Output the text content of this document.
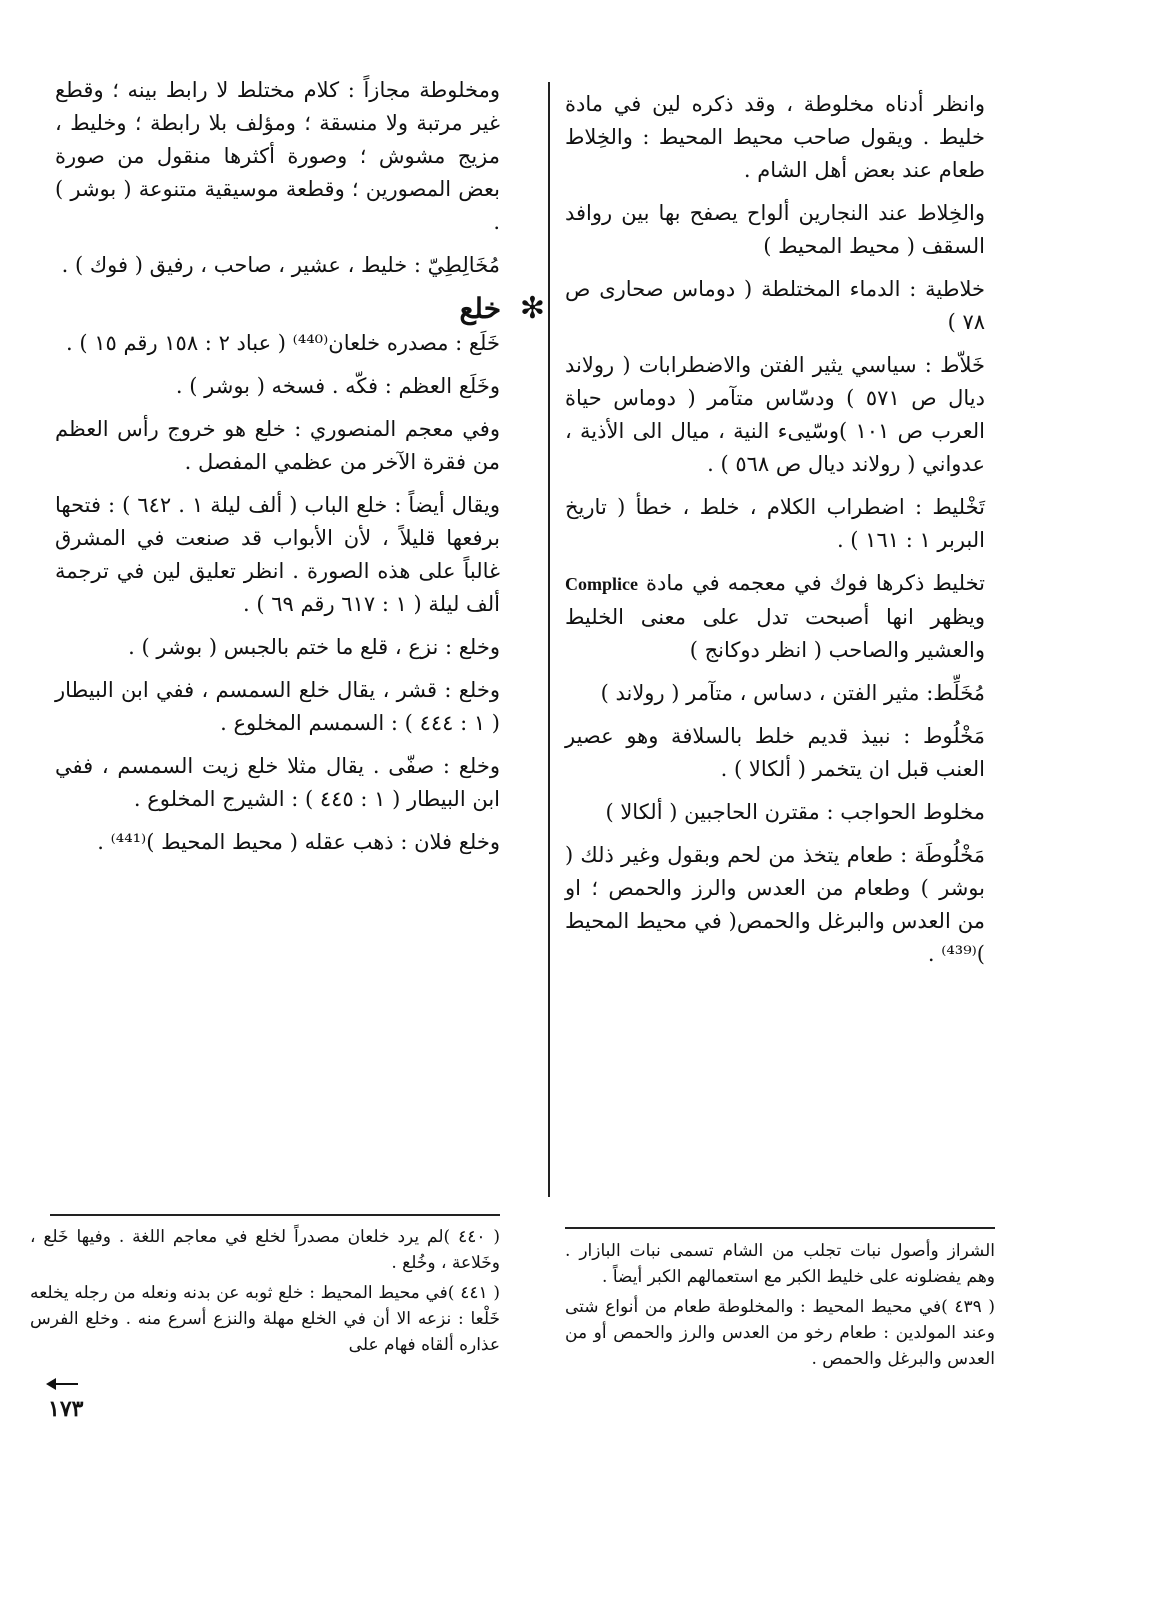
وانظر أدناه مخلوطة ، وقد ذكره لين في مادة خليط . ويقول صاحب محيط المحيط : والخِلاط طعام عند بعض أهل الشام .

والخِلاط عند النجارين ألواح يصفح بها بين روافد السقف ( محيط المحيط )

خلاطية : الدماء المختلطة ( دوماس صحارى ص ٧٨ )

خَلاّط : سياسي يثير الفتن والاضطرابات ( رولاند ديال ص ٥٧١ ) ودسّاس متآمر ( دوماس حياة العرب ص ١٠١ )وسّيىء النية ، ميال الى الأذية ، عدواني ( رولاند ديال ص ٥٦٨ ) .

تَخْليط : اضطراب الكلام ، خلط ، خطأ ( تاريخ البربر ١ : ١٦١ ) .

تخليط ذكرها فوك في معجمه في مادة Complice ويظهر انها أصبحت تدل على معنى الخليط والعشير والصاحب ( انظر دوكانج )

مُخَلِّط: مثير الفتن ، دساس ، متآمر ( رولاند )

مَخْلُوط : نبيذ قديم خلط بالسلافة وهو عصير العنب قبل ان يتخمر ( ألكالا ) .

مخلوط الحواجب : مقترن الحاجبين ( ألكالا )

مَخْلُوطَة : طعام يتخذ من لحم وبقول وغير ذلك ( بوشر ) وطعام من العدس والرز والحمص ؛ او من العدس والبرغل والحمص( في محيط المحيط )⁽⁴³⁹⁾ .

ومخلوطة مجازاً : كلام مختلط لا رابط بينه ؛ وقطع غير مرتبة ولا منسقة ؛ ومؤلف بلا رابطة ؛ وخليط ، مزيج مشوش ؛ وصورة أكثرها منقول من صورة بعض المصورين ؛ وقطعة موسيقية متنوعة ( بوشر ) .

مُخَالِطِيّ : خليط ، عشير ، صاحب ، رفيق ( فوك ) .

✻
خلع

خَلَع : مصدره خلعان⁽⁴⁴⁰⁾ ( عباد ٢ : ١٥٨ رقم ١٥ ) .

وخَلَع العظم : فكّه . فسخه ( بوشر ) .

وفي معجم المنصوري : خلع هو خروج رأس العظم من فقرة الآخر من عظمي المفصل .

ويقال أيضاً : خلع الباب ( ألف ليلة ١ . ٦٤٢ ) : فتحها برفعها قليلاً ، لأن الأبواب قد صنعت في المشرق غالباً على هذه الصورة . انظر تعليق لين في ترجمة ألف ليلة ( ١ : ٦١٧ رقم ٦٩ ) .

وخلع : نزع ، قلع ما ختم بالجبس ( بوشر ) .

وخلع : قشر ، يقال خلع السمسم ، ففي ابن البيطار ( ١ : ٤٤٤ ) : السمسم المخلوع .

وخلع : صفّى . يقال مثلا خلع زيت السمسم ، ففي ابن البيطار ( ١ : ٤٤٥ ) : الشيرج المخلوع .

وخلع فلان : ذهب عقله ( محيط المحيط )⁽⁴⁴¹⁾ .

الشراز وأصول نبات تجلب من الشام تسمى نبات البازار . وهم يفضلونه على خليط الكبر مع استعمالهم الكبر أيضاً .

( ٤٣٩ )في محيط المحيط : والمخلوطة طعام من أنواع شتى وعند المولدين : طعام رخو من العدس والرز والحمص أو من العدس والبرغل والحمص .

( ٤٤٠ )لم يرد خلعان مصدراً لخلع في معاجم اللغة . وفيها خَلع ، وخَلاعة ، وخُلع .

( ٤٤١ )في محيط المحيط : خلع ثوبه عن بدنه ونعله من رجله يخلعه خَلْعا : نزعه الا أن في الخلع مهلة والنزع أسرع منه . وخلع الفرس عذاره ألقاه فهام على

١٧٣
